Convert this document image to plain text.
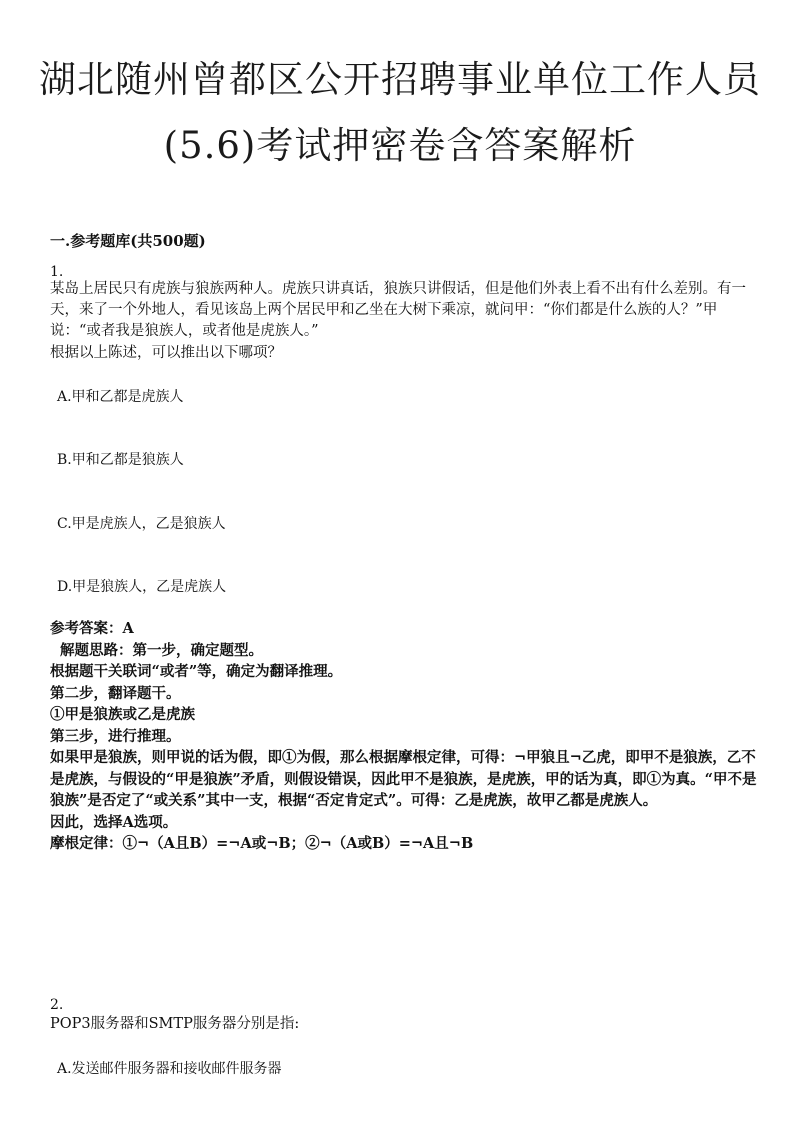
湖北随州曾都区公开招聘事业单位工作人员
(5.6)考试押密卷含答案解析
一.参考题库(共500题)
1.
某岛上居民只有虎族与狼族两种人。虎族只讲真话，狼族只讲假话，但是他们外表上看不出有什么差别。有一天，来了一个外地人，看见该岛上两个居民甲和乙坐在大树下乘凉，就问甲：“你们都是什么族的人？”甲说：“或者我是狼族人，或者他是虎族人。”
根据以上陈述，可以推出以下哪项？
A.甲和乙都是虎族人
B.甲和乙都是狼族人
C.甲是虎族人，乙是狼族人
D.甲是狼族人，乙是虎族人
参考答案：A
解题思路：第一步，确定题型。
根据题干关联词“或者”等，确定为翻译推理。
第二步，翻译题干。
①甲是狼族或乙是虎族
第三步，进行推理。
如果甲是狼族，则甲说的话为假，即①为假，那么根据摩根定律，可得：¬甲狼且¬乙虎，即甲不是狼族，乙不是虎族，与假设的“甲是狼族”矛盾，则假设错误，因此甲不是狼族，是虎族，甲的话为真，即①为真。“甲不是狼族”是否定了“或关系”其中一支，根据“否定肯定式”。可得：乙是虎族，故甲乙都是虎族人。
因此，选择A选项。
摩根定律：①¬（A且B）=¬A或¬B；②¬（A或B）=¬A且¬B
2.
POP3服务器和SMTP服务器分别是指:
A.发送邮件服务器和接收邮件服务器
